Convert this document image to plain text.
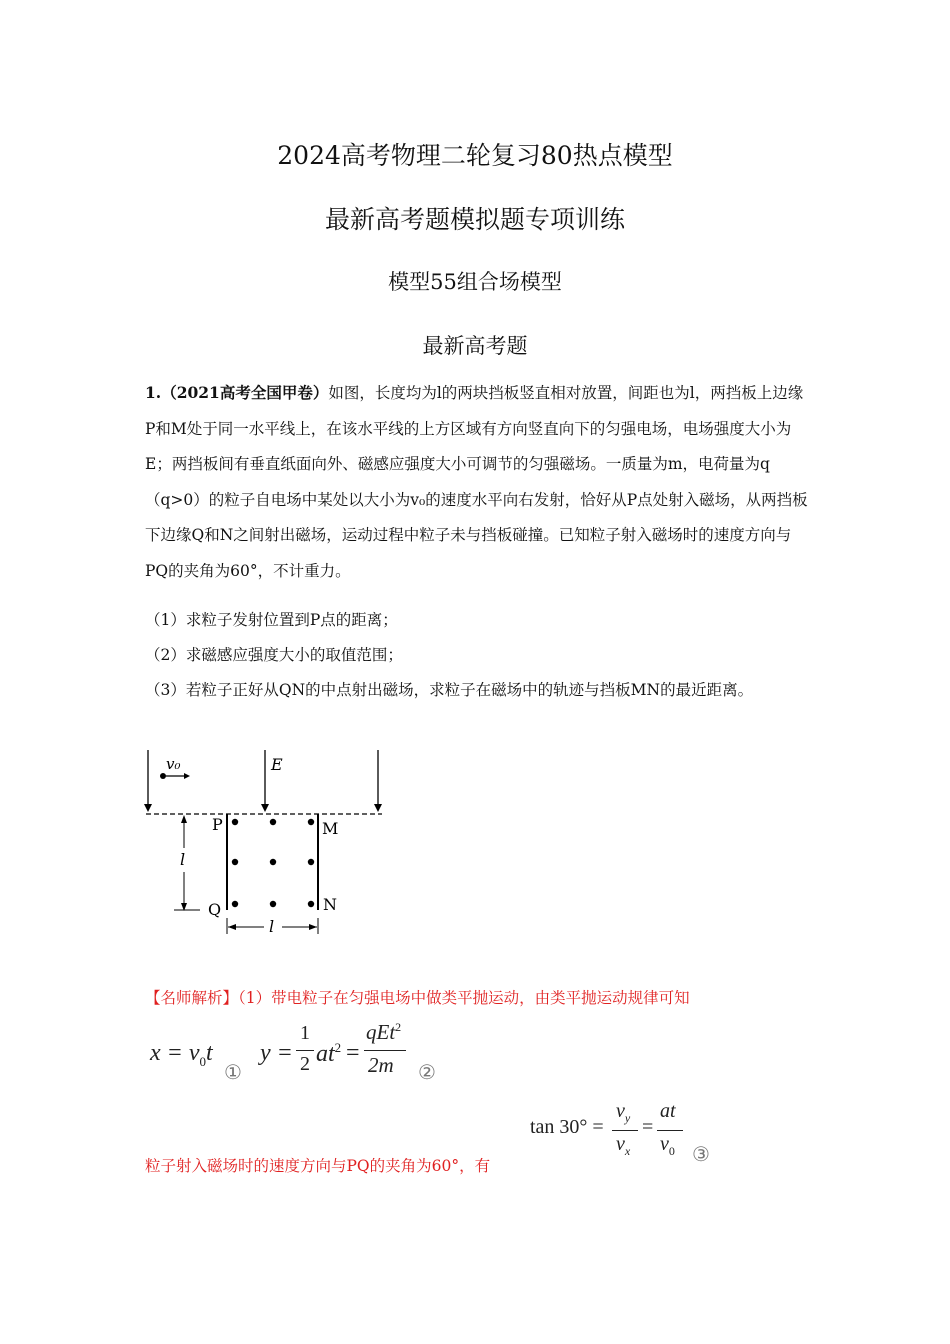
2024高考物理二轮复习80热点模型
最新高考题模拟题专项训练
模型55组合场模型
最新高考题
1.（2021高考全国甲卷）如图，长度均为l的两块挡板竖直相对放置，间距也为l，两挡板上边缘P和M处于同一水平线上，在该水平线的上方区域有方向竖直向下的匀强电场，电场强度大小为E；两挡板间有垂直纸面向外、磁感应强度大小可调节的匀强磁场。一质量为m，电荷量为q（q>0）的粒子自电场中某处以大小为v₀的速度水平向右发射，恰好从P点处射入磁场，从两挡板下边缘Q和N之间射出磁场，运动过程中粒子未与挡板碰撞。已知粒子射入磁场时的速度方向与PQ的夹角为60°，不计重力。
（1）求粒子发射位置到P点的距离；
（2）求磁感应强度大小的取值范围；
（3）若粒子正好从QN的中点射出磁场，求粒子在磁场中的轨迹与挡板MN的最近距离。
v₀	E
P	M
Q	N
l
l
【名师解析】（1）带电粒子在匀强电场中做类平抛运动，由类平抛运动规律可知
$x = v_0t$
①
y =
1
2 $at^2$ =
qEt$^2$
2m ②
tan 30° =
$v_y$
$v_x$
=
at
$v_0$ ③
粒子射入磁场时的速度方向与PQ的夹角为60°，有
